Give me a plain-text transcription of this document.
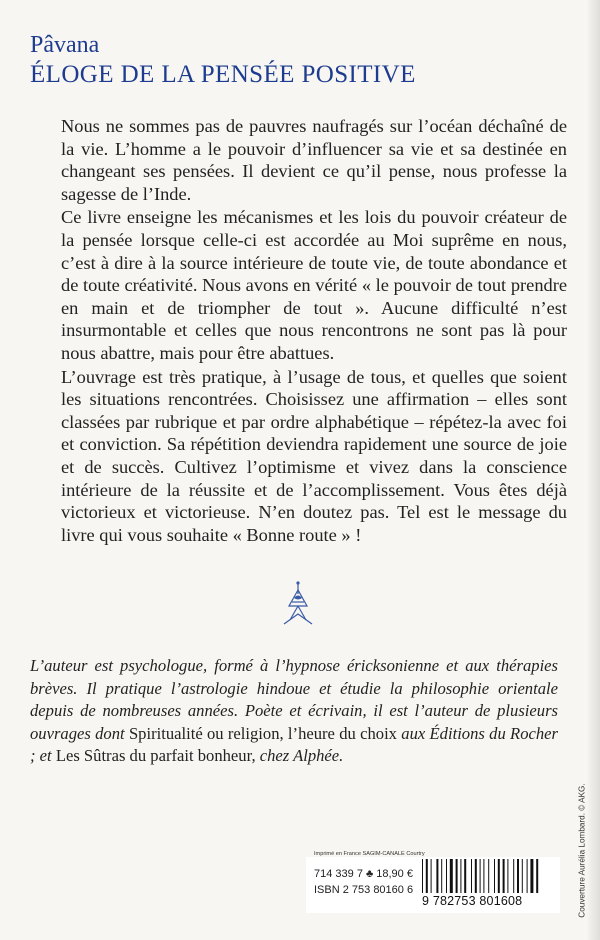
Pâvana
ÉLOGE DE LA PENSÉE POSITIVE

Nous ne sommes pas de pauvres naufragés sur l’océan déchaîné de la vie. L’homme a le pouvoir d’influencer sa vie et sa destinée en changeant ses pensées. Il devient ce qu’il pense, nous professe la sagesse de l’Inde.

Ce livre enseigne les mécanismes et les lois du pouvoir créateur de la pensée lorsque celle-ci est accordée au Moi suprême en nous, c’est à dire à la source intérieure de toute vie, de toute abondance et de toute créativité. Nous avons en vérité « le pouvoir de tout prendre en main et de triompher de tout ». Aucune difficulté n’est insurmontable et celles que nous rencontrons ne sont pas là pour nous abattre, mais pour être abattues.

L’ouvrage est très pratique, à l’usage de tous, et quelles que soient les situations rencontrées. Choisissez une affirmation – elles sont classées par rubrique et par ordre alphabétique – répétez-la avec foi et conviction. Sa répétition deviendra rapidement une source de joie et de succès. Cultivez l’optimisme et vivez dans la conscience intérieure de la réussite et de l’accomplissement. Vous êtes déjà victorieux et victorieuse. N’en doutez pas. Tel est le message du livre qui vous souhaite « Bonne route » !

L’auteur est psychologue, formé à l’hypnose éricksonienne et aux thérapies brèves. Il pratique l’astrologie hindoue et étudie la philosophie orientale depuis de nombreuses années. Poète et écrivain, il est l’auteur de plusieurs ouvrages dont Spiritualité ou religion, l’heure du choix aux Éditions du Rocher ; et Les Sûtras du parfait bonheur, chez Alphée.
Couverture Aurélia Lombard. © AKG.
Imprimé en France SAGIM-CANALE Courtry
714 339 7 ♣ 18,90 €
ISBN 2 753 80160 6
9 782753 801608
